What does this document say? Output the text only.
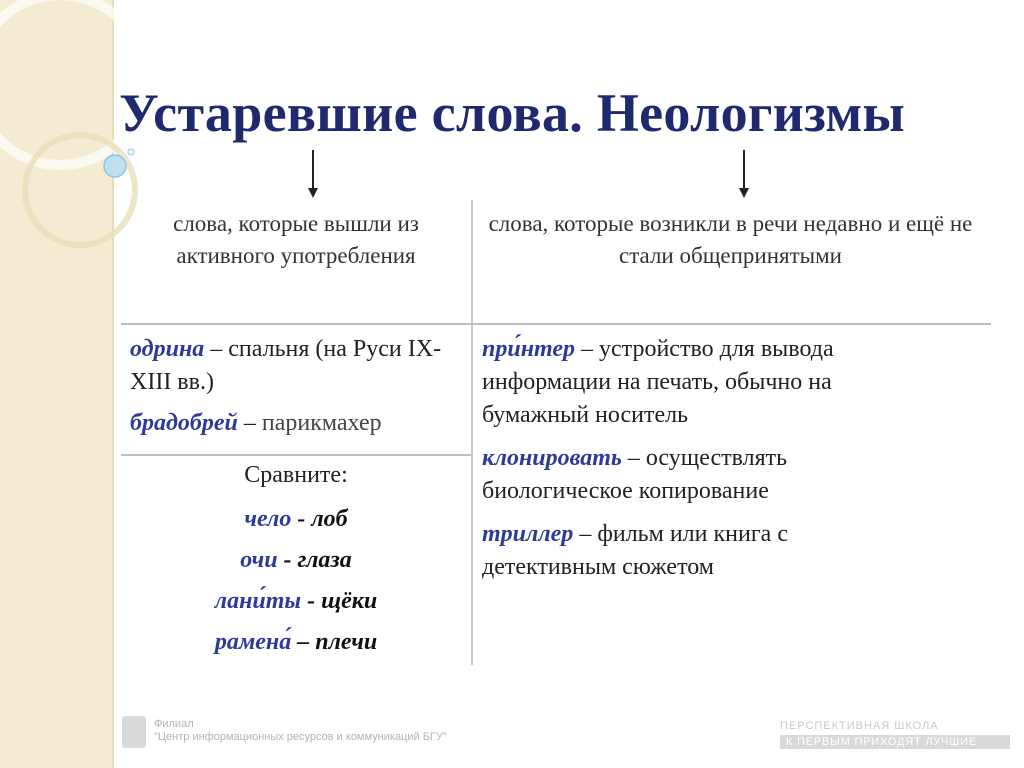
Устаревшие слова. Неологизмы
слова, которые вышли из активного употребления
слова, которые возникли в речи недавно и ещё не стали общепринятыми
одрина – спальня (на Руси IX-XIII вв.)
брадобрей – парикмахер
Сравните:
чело - лоб
очи - глаза
лани́ты - щёки
рамена́ – плечи
при́нтер – устройство для вывода информации на печать, обычно на бумажный носитель
клонировать – осуществлять биологическое копирование
триллер – фильм или книга с детективным сюжетом
Филиал
"Центр информационных ресурсов и коммуникаций БГУ"
ПЕРСПЕКТИВНАЯ ШКОЛА
К ПЕРВЫМ ПРИХОДЯТ ЛУЧШИЕ
